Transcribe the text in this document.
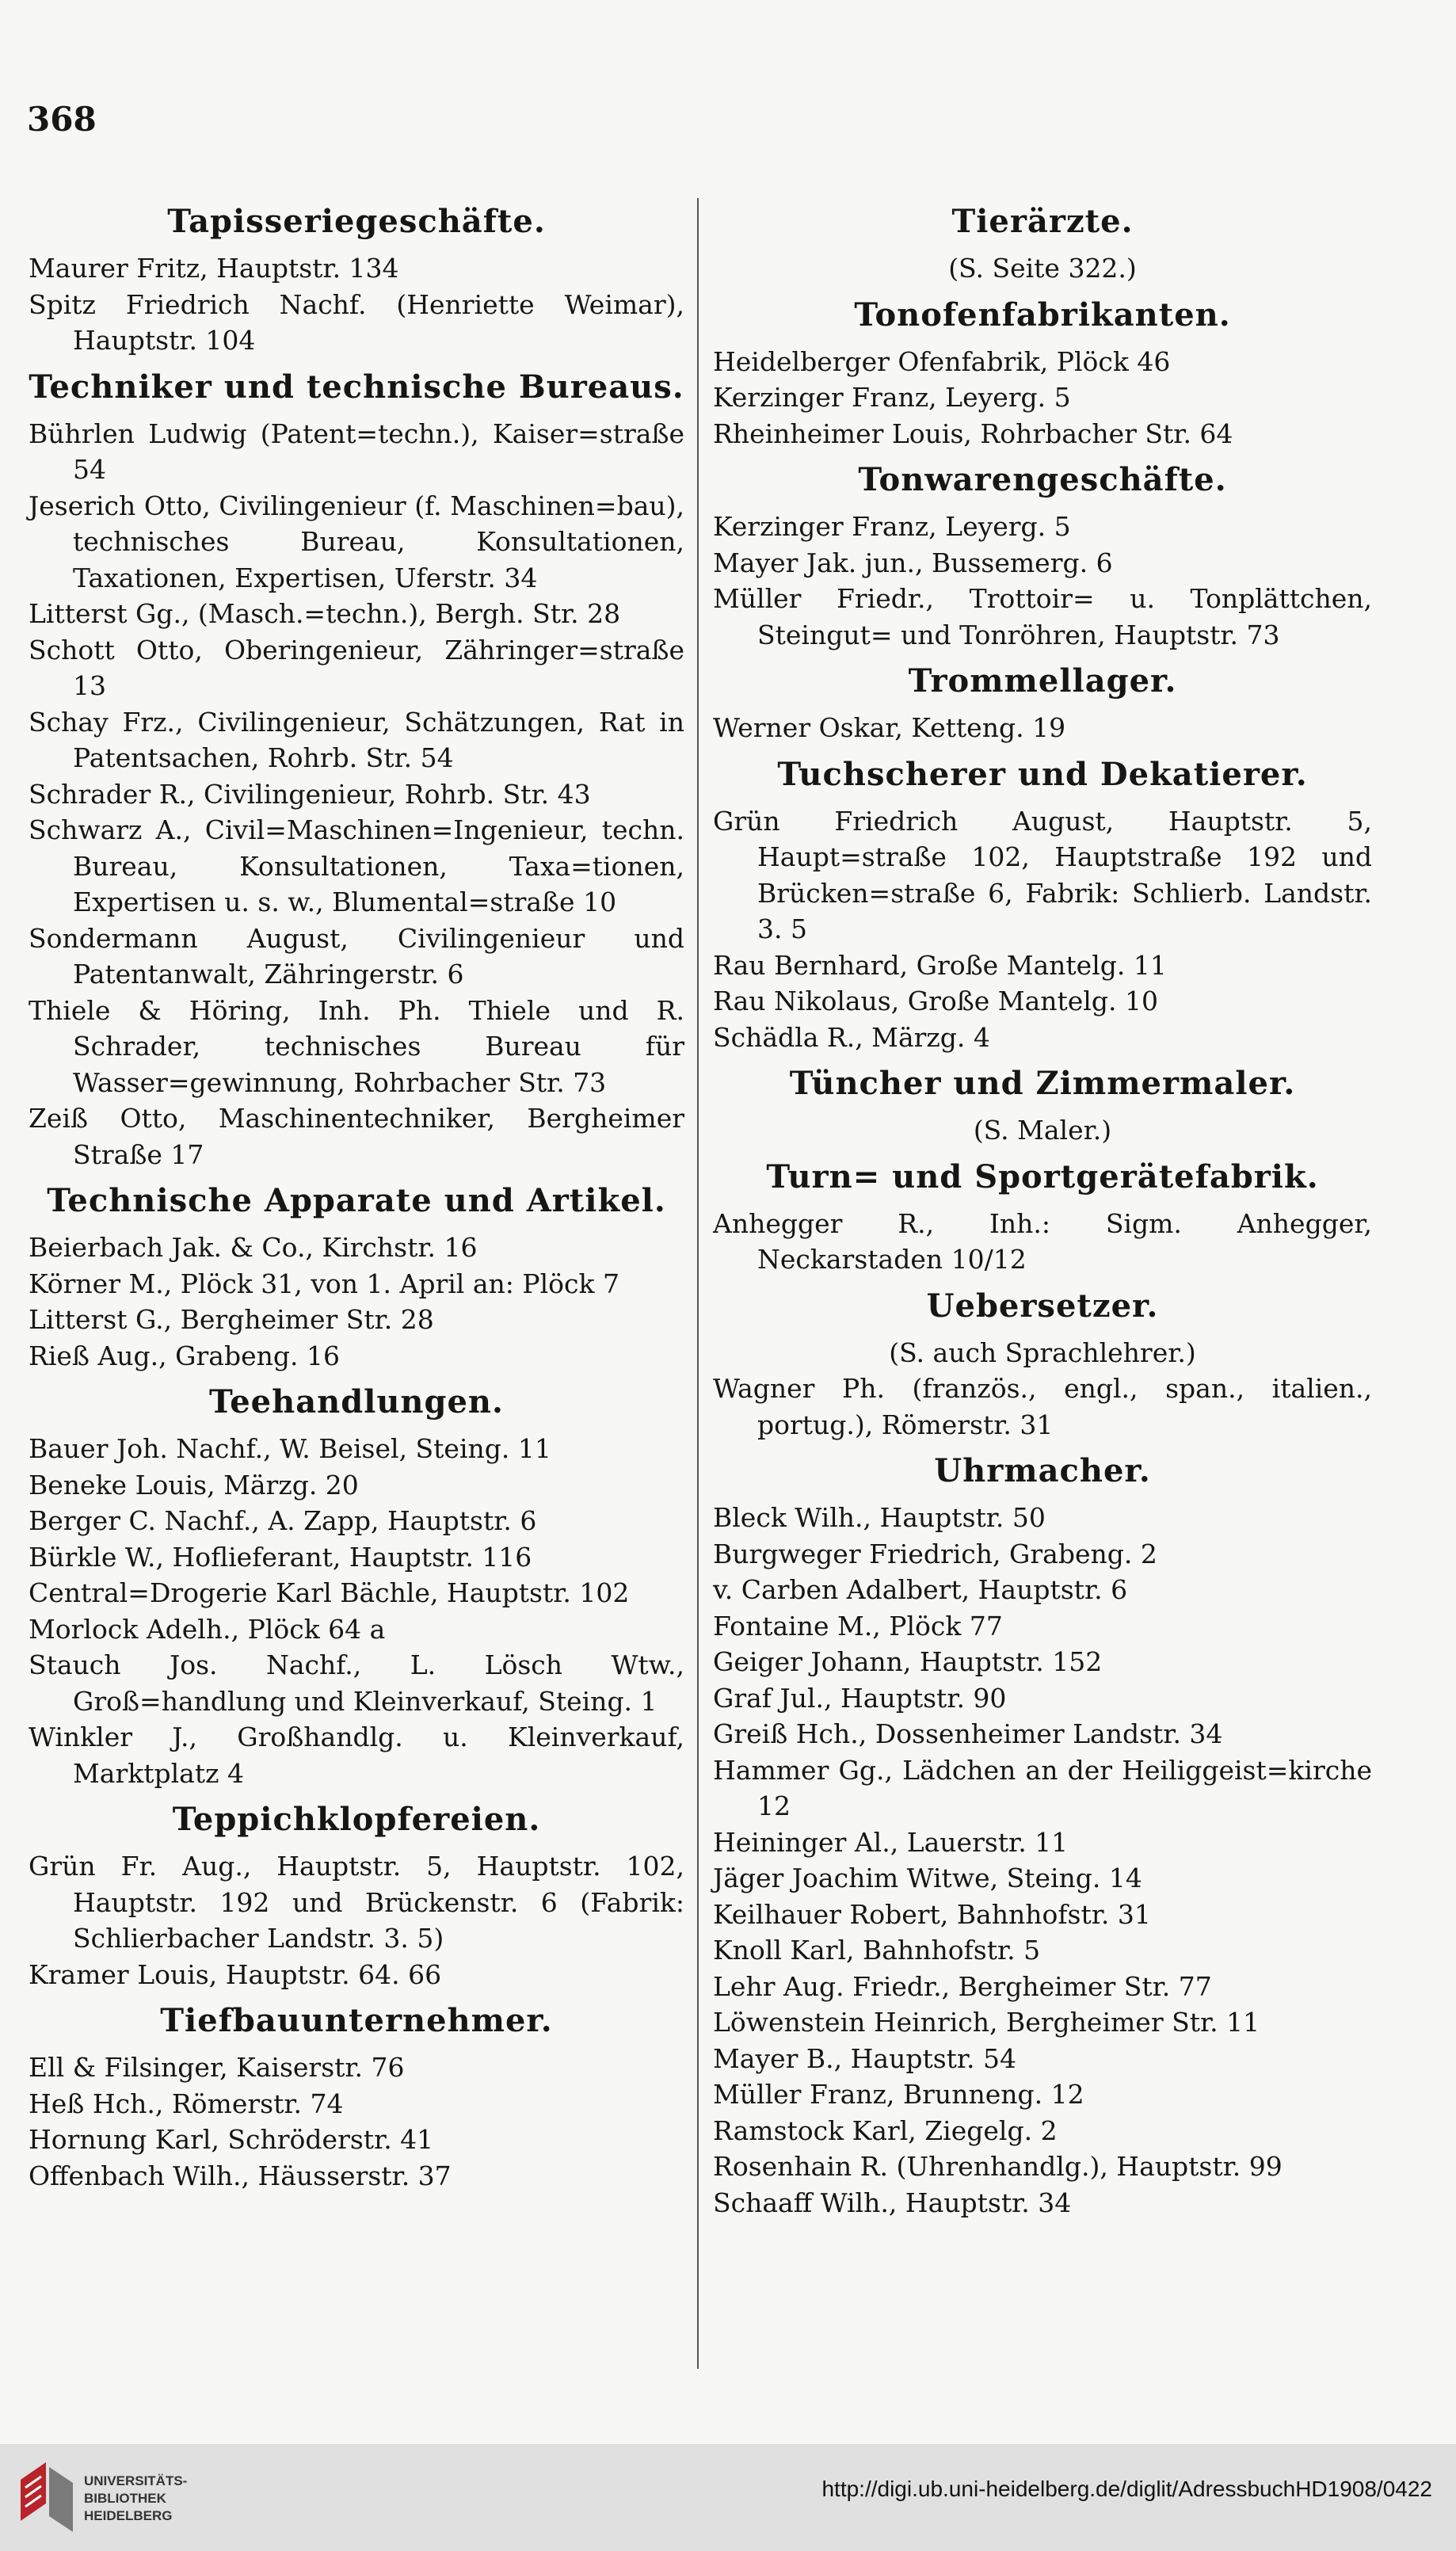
368
Tapisseriegeschäfte.
Maurer Fritz, Hauptstr. 134
Spitz Friedrich Nachf. (Henriette Weimar), Hauptstr. 104
Techniker und technische Bureaus.
Bührlen Ludwig (Patent=techn.), Kaiser=straße 54
Jeserich Otto, Civilingenieur (f. Maschinen=bau), technisches Bureau, Konsultationen, Taxationen, Expertisen, Uferstr. 34
Litterst Gg., (Masch.=techn.), Bergh. Str. 28
Schott Otto, Oberingenieur, Zähringer=straße 13
Schay Frz., Civilingenieur, Schätzungen, Rat in Patentsachen, Rohrb. Str. 54
Schrader R., Civilingenieur, Rohrb. Str. 43
Schwarz A., Civil=Maschinen=Ingenieur, techn. Bureau, Konsultationen, Taxa=tionen, Expertisen u. s. w., Blumental=straße 10
Sondermann August, Civilingenieur und Patentanwalt, Zähringerstr. 6
Thiele & Höring, Inh. Ph. Thiele und R. Schrader, technisches Bureau für Wasser=gewinnung, Rohrbacher Str. 73
Zeiß Otto, Maschinentechniker, Bergheimer Straße 17
Technische Apparate und Artikel.
Beierbach Jak. & Co., Kirchstr. 16
Körner M., Plöck 31, von 1. April an: Plöck 7
Litterst G., Bergheimer Str. 28
Rieß Aug., Grabeng. 16
Teehandlungen.
Bauer Joh. Nachf., W. Beisel, Steing. 11
Beneke Louis, Märzg. 20
Berger C. Nachf., A. Zapp, Hauptstr. 6
Bürkle W., Hoflieferant, Hauptstr. 116
Central=Drogerie Karl Bächle, Hauptstr. 102
Morlock Adelh., Plöck 64 a
Stauch Jos. Nachf., L. Lösch Wtw., Groß=handlung und Kleinverkauf, Steing. 1
Winkler J., Großhandlg. u. Kleinverkauf, Marktplatz 4
Teppichklopfereien.
Grün Fr. Aug., Hauptstr. 5, Hauptstr. 102, Hauptstr. 192 und Brückenstr. 6 (Fabrik: Schlierbacher Landstr. 3. 5)
Kramer Louis, Hauptstr. 64. 66
Tiefbauunternehmer.
Ell & Filsinger, Kaiserstr. 76
Heß Hch., Römerstr. 74
Hornung Karl, Schröderstr. 41
Offenbach Wilh., Häusserstr. 37
Tierärzte.
(S. Seite 322.)
Tonofenfabrikanten.
Heidelberger Ofenfabrik, Plöck 46
Kerzinger Franz, Leyerg. 5
Rheinheimer Louis, Rohrbacher Str. 64
Tonwarengeschäfte.
Kerzinger Franz, Leyerg. 5
Mayer Jak. jun., Bussemerg. 6
Müller Friedr., Trottoir= u. Tonplättchen, Steingut= und Tonröhren, Hauptstr. 73
Trommellager.
Werner Oskar, Ketteng. 19
Tuchscherer und Dekatierer.
Grün Friedrich August, Hauptstr. 5, Haupt=straße 102, Hauptstraße 192 und Brücken=straße 6, Fabrik: Schlierb. Landstr. 3. 5
Rau Bernhard, Große Mantelg. 11
Rau Nikolaus, Große Mantelg. 10
Schädla R., Märzg. 4
Tüncher und Zimmermaler.
(S. Maler.)
Turn= und Sportgerätefabrik.
Anhegger R., Inh.: Sigm. Anhegger, Neckarstaden 10/12
Uebersetzer.
(S. auch Sprachlehrer.)
Wagner Ph. (französ., engl., span., italien., portug.), Römerstr. 31
Uhrmacher.
Bleck Wilh., Hauptstr. 50
Burgweger Friedrich, Grabeng. 2
v. Carben Adalbert, Hauptstr. 6
Fontaine M., Plöck 77
Geiger Johann, Hauptstr. 152
Graf Jul., Hauptstr. 90
Greiß Hch., Dossenheimer Landstr. 34
Hammer Gg., Lädchen an der Heiliggeist=kirche 12
Heininger Al., Lauerstr. 11
Jäger Joachim Witwe, Steing. 14
Keilhauer Robert, Bahnhofstr. 31
Knoll Karl, Bahnhofstr. 5
Lehr Aug. Friedr., Bergheimer Str. 77
Löwenstein Heinrich, Bergheimer Str. 11
Mayer B., Hauptstr. 54
Müller Franz, Brunneng. 12
Ramstock Karl, Ziegelg. 2
Rosenhain R. (Uhrenhandlg.), Hauptstr. 99
Schaaff Wilh., Hauptstr. 34
UNIVERSITÄTS-
BIBLIOTHEK
HEIDELBERG
http://digi.ub.uni-heidelberg.de/diglit/AdressbuchHD1908/0422
